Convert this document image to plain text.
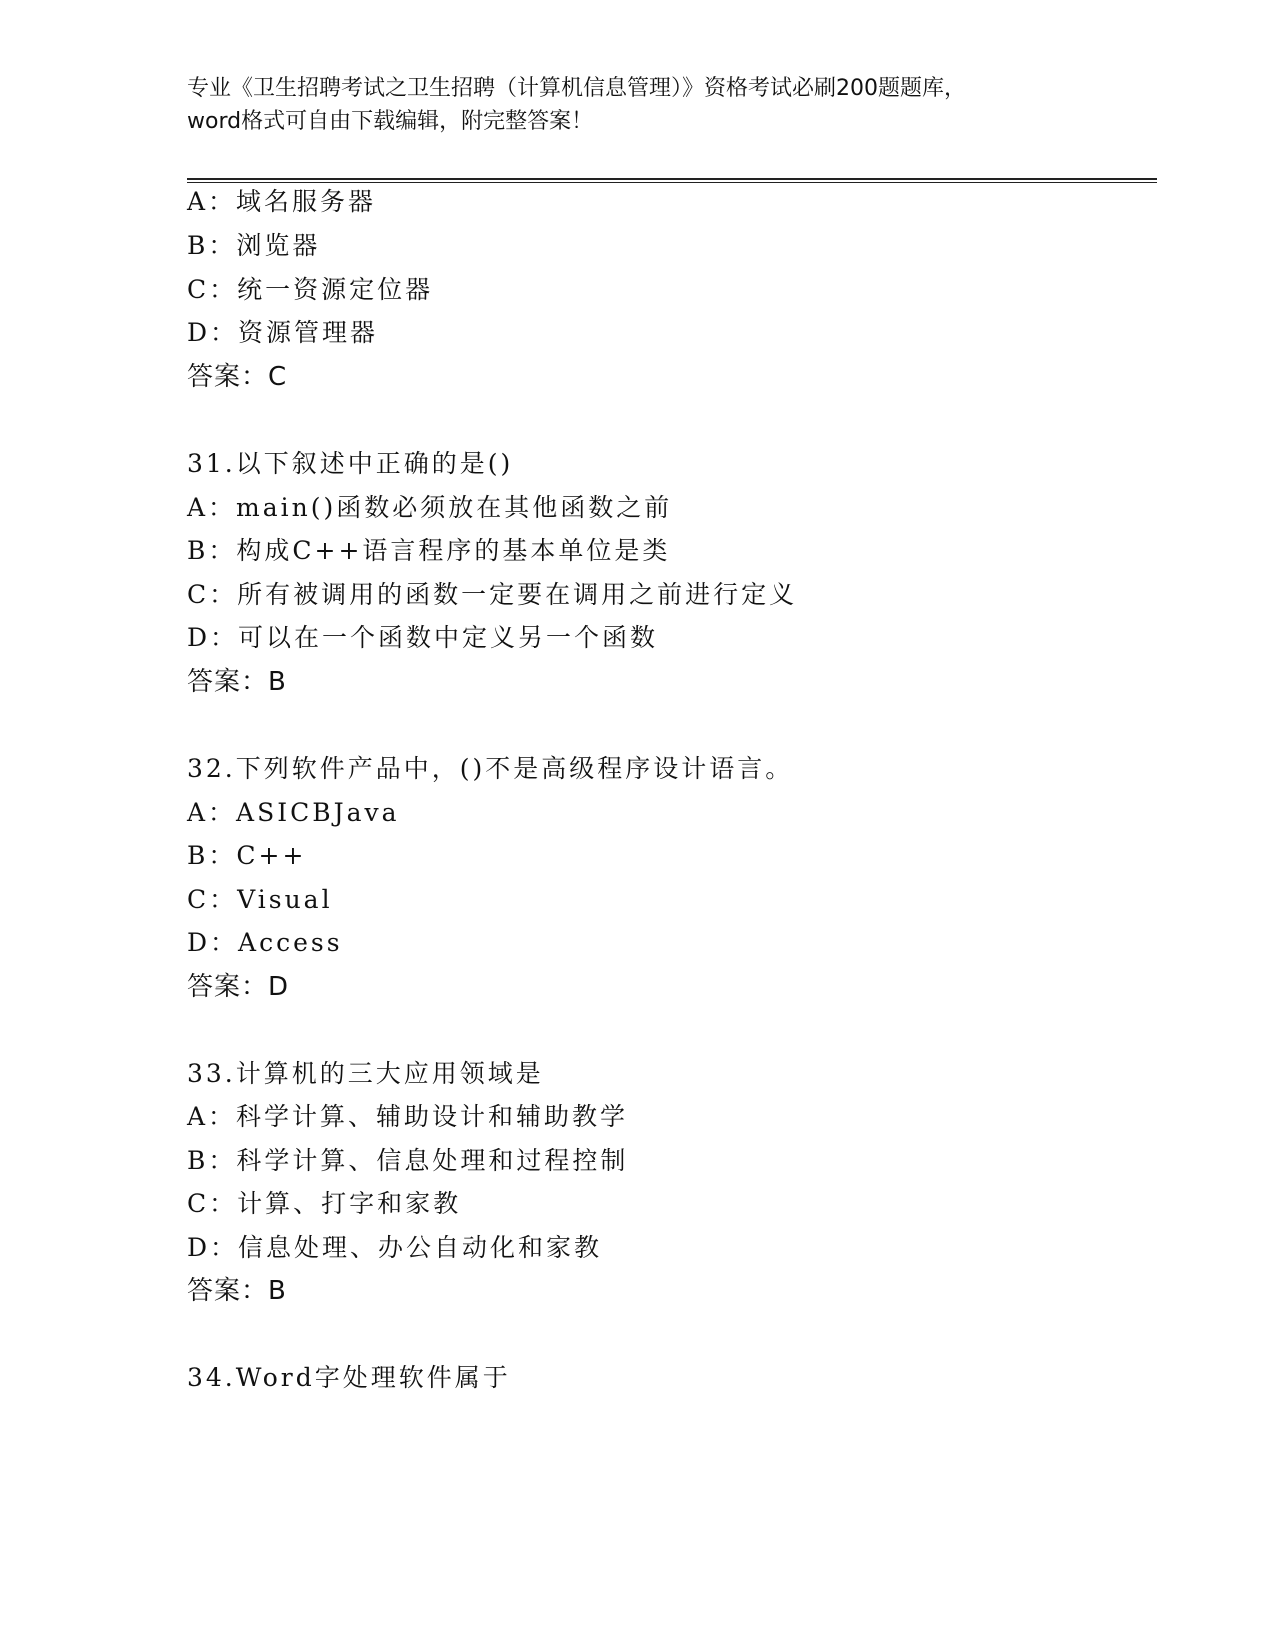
专业《卫生招聘考试之卫生招聘（计算机信息管理）》资格考试必刷200题题库，
word格式可自由下载编辑，附完整答案！
A：域名服务器
B：浏览器
C：统一资源定位器
D：资源管理器
答案：C
31.以下叙述中正确的是()
A：main()函数必须放在其他函数之前
B：构成C++语言程序的基本单位是类
C：所有被调用的函数一定要在调用之前进行定义
D：可以在一个函数中定义另一个函数
答案：B
32.下列软件产品中，()不是高级程序设计语言。
A：ASICBJava
B：C++
C：Visual
D：Access
答案：D
33.计算机的三大应用领域是
A：科学计算、辅助设计和辅助教学
B：科学计算、信息处理和过程控制
C：计算、打字和家教
D：信息处理、办公自动化和家教
答案：B
34.Word字处理软件属于
